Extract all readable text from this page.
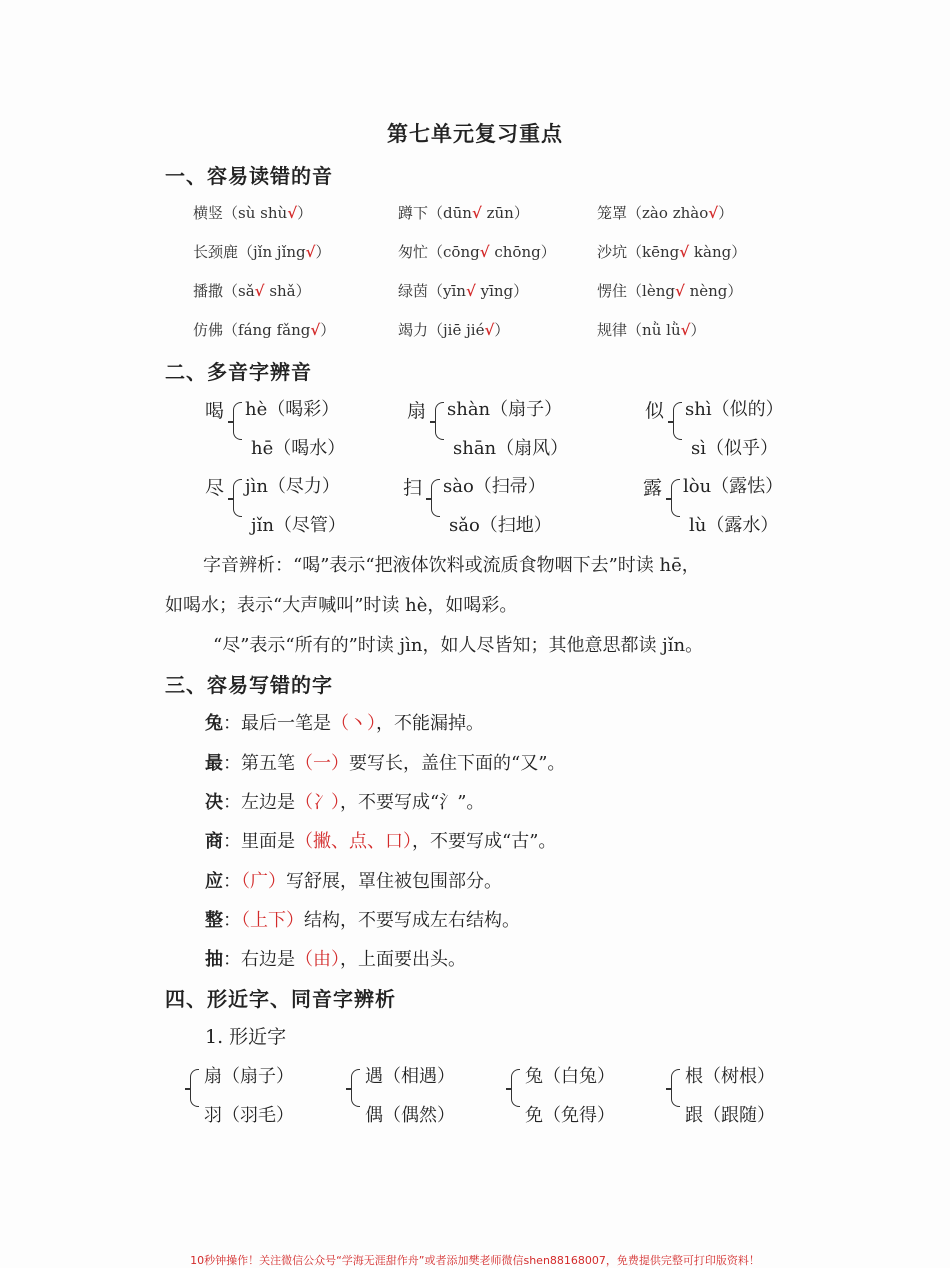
第七单元复习重点
一、容易读错的音
横竖（sù shù√）	蹲下（dūn√ zūn）	笼罩（zào zhào√）
长颈鹿（jǐn jǐng√）	匆忙（cōng√ chōng）	沙坑（kēng√ kàng）
播撒（sǎ√ shǎ）	绿茵（yīn√ yīng）	愣住（lèng√ nèng）
仿佛（fáng fǎng√）	竭力（jiē jié√）	规律（nǜ lǜ√）
二、多音字辨音
喝 hè（喝彩）
hē（喝水）
扇 shàn（扇子）
shān（扇风）
似 shì（似的）
sì（似乎）
尽 jìn（尽力）
jǐn（尽管）
扫 sào（扫帚）
sǎo（扫地）
露 lòu（露怯）
lù（露水）
字音辨析：“喝”表示“把液体饮料或流质食物咽下去”时读 hē，
如喝水；表示“大声喊叫”时读 hè，如喝彩。
“尽”表示“所有的”时读 jìn，如人尽皆知；其他意思都读 jǐn。
三、容易写错的字
兔：最后一笔是（丶），不能漏掉。
最：第五笔（一）要写长，盖住下面的“又”。
决：左边是（冫），不要写成“氵”。
商：里面是（撇、点、口），不要写成“古”。
应：（广）写舒展，罩住被包围部分。
整：（上下）结构，不要写成左右结构。
抽：右边是（由），上面要出头。
四、形近字、同音字辨析
1. 形近字
扇（扇子）
羽（羽毛）
遇（相遇）
偶（偶然）
兔（白兔）
免（免得）
根（树根）
跟（跟随）
10秒钟操作！关注微信公众号“学海无涯甜作舟”或者添加樊老师微信shen88168007，免费提供完整可打印版资料！
